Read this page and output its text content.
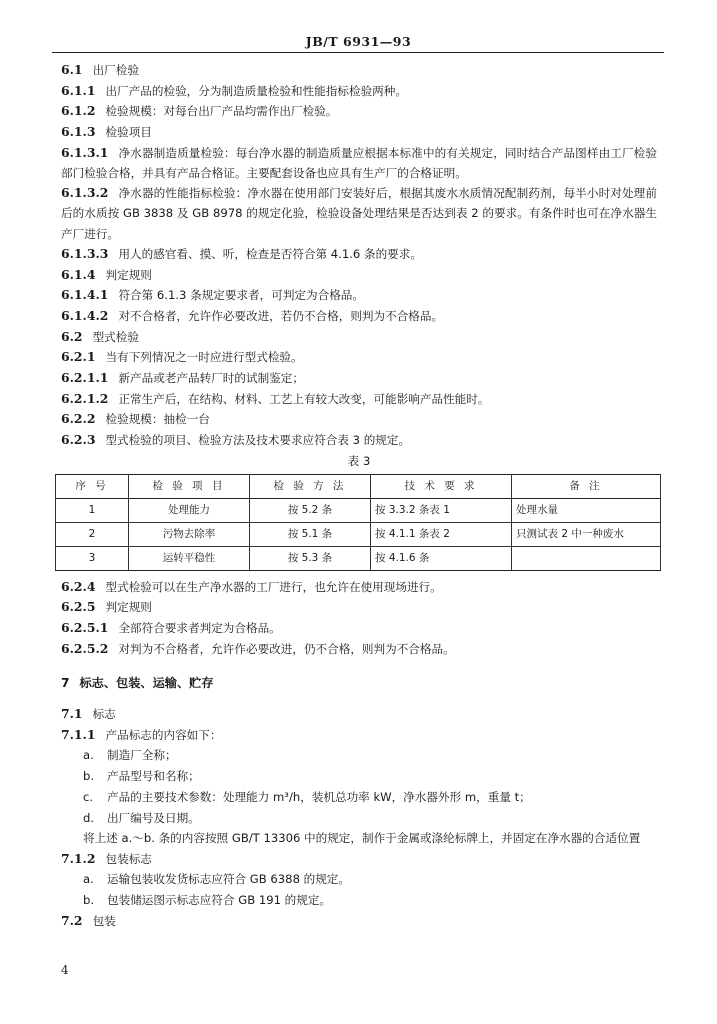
JB/T 6931—93
6.1 出厂检验
6.1.1 出厂产品的检验，分为制造质量检验和性能指标检验两种。
6.1.2 检验规模：对每台出厂产品均需作出厂检验。
6.1.3 检验项目
6.1.3.1 净水器制造质量检验：每台净水器的制造质量应根据本标准中的有关规定，同时结合产品图样由工厂检验部门检验合格，并具有产品合格证。主要配套设备也应具有生产厂的合格证明。
6.1.3.2 净水器的性能指标检验：净水器在使用部门安装好后，根据其废水水质情况配制药剂，每半小时对处理前后的水质按 GB 3838 及 GB 8978 的规定化验，检验设备处理结果是否达到表 2 的要求。有条件时也可在净水器生产厂进行。
6.1.3.3 用人的感官看、摸、听，检查是否符合第 4.1.6 条的要求。
6.1.4 判定规则
6.1.4.1 符合第 6.1.3 条规定要求者，可判定为合格品。
6.1.4.2 对不合格者，允许作必要改进，若仍不合格，则判为不合格品。
6.2 型式检验
6.2.1 当有下列情况之一时应进行型式检验。
6.2.1.1 新产品或老产品转厂时的试制鉴定；
6.2.1.2 正常生产后，在结构、材料、工艺上有较大改变，可能影响产品性能时。
6.2.2 检验规模：抽检一台
6.2.3 型式检验的项目、检验方法及技术要求应符合表 3 的规定。

表 3

序 号	检 验 项 目	检 验 方 法	技 术 要 求	备 注
1	处理能力	按 5.2 条	按 3.3.2 条表 1	处理水量
2	污物去除率	按 5.1 条	按 4.1.1 条表 2	只测试表 2 中一种废水
3	运转平稳性	按 5.3 条	按 4.1.6 条	
6.2.4 型式检验可以在生产净水器的工厂进行，也允许在使用现场进行。
6.2.5 判定规则
6.2.5.1 全部符合要求者判定为合格品。
6.2.5.2 对判为不合格者，允许作必要改进，仍不合格，则判为不合格品。
7 标志、包装、运输、贮存
7.1 标志
7.1.1 产品标志的内容如下：
a. 制造厂全称；
b. 产品型号和名称；
c. 产品的主要技术参数：处理能力 m³/h，装机总功率 kW，净水器外形 m，重量 t；
d. 出厂编号及日期。
将上述 a.～b. 条的内容按照 GB/T 13306 中的规定，制作于金属或涤纶标牌上，并固定在净水器的合适位置
7.1.2 包装标志
a. 运输包装收发货标志应符合 GB 6388 的规定。
b. 包装储运图示标志应符合 GB 191 的规定。
7.2 包装
4
